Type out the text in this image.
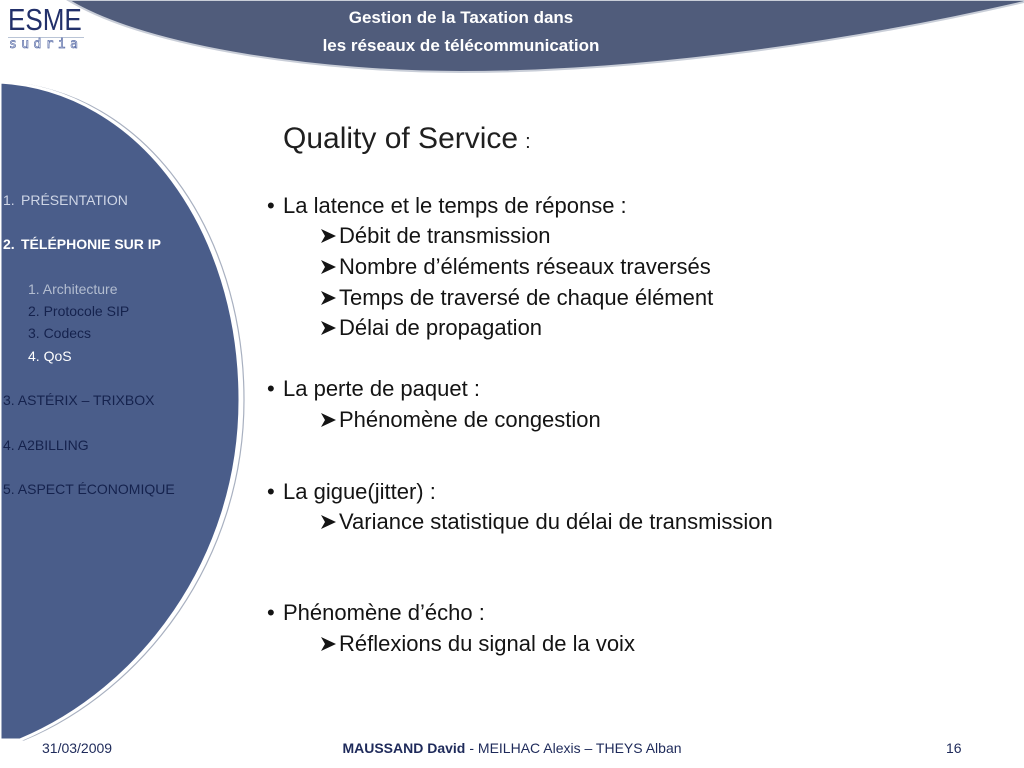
ESME
sudria
Gestion de la Taxation dans
les réseaux de télécommunication
1. PRÉSENTATION
2. TÉLÉPHONIE SUR IP
1. Architecture
2. Protocole SIP
3. Codecs
4. QoS
3. ASTÉRIX – TRIXBOX
4. A2BILLING
5. ASPECT ÉCONOMIQUE
Quality of Service :
• La latence et le temps de réponse :
Débit de transmission
Nombre d’éléments réseaux traversés
Temps de traversé de chaque élément
Délai de propagation
• La perte de paquet :
Phénomène de congestion
• La gigue(jitter) :
Variance statistique du délai de transmission
• Phénomène d’écho :
Réflexions du signal de la voix
31/03/2009	MAUSSAND David - MEILHAC Alexis – THEYS Alban	16
